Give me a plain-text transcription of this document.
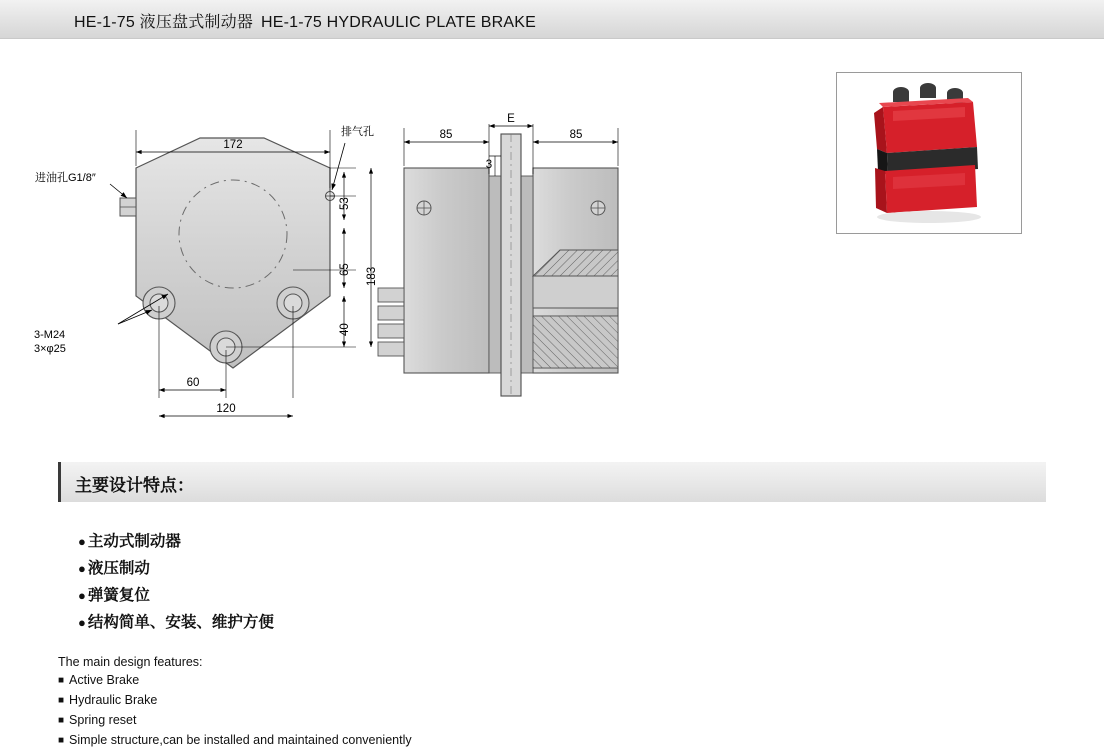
HE-1-75 液压盘式制动器 HE-1-75 HYDRAULIC PLATE BRAKE
进油孔G1/8″
排气孔
3-M24
3×φ25
172
60
120
53
65
40
183
85	85
E
3
主要设计特点：
● 主动式制动器
● 液压制动
● 弹簧复位
● 结构简单、安装、维护方便
The main design features:
■ Active Brake
■ Hydraulic Brake
■ Spring reset
■ Simple structure,can be installed and maintained conveniently
